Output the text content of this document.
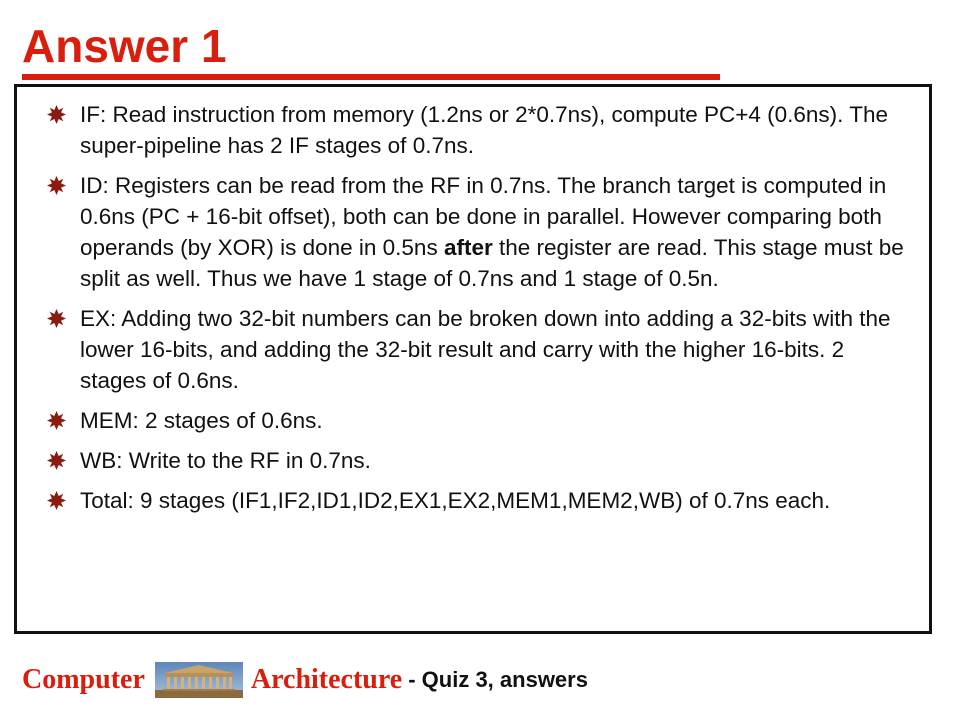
Answer 1
IF: Read instruction from memory (1.2ns or 2*0.7ns), compute PC+4 (0.6ns). The super-pipeline has 2 IF stages of 0.7ns.
ID: Registers can be read from the RF in 0.7ns. The branch target is computed in 0.6ns (PC + 16-bit offset), both can be done in parallel. However comparing both operands (by XOR) is done in 0.5ns after the register are read. This stage must be split as well. Thus we have 1 stage of 0.7ns and 1 stage of 0.5n.
EX: Adding two 32-bit numbers can be broken down into adding a 32-bits with the lower 16-bits, and adding the 32-bit result and carry with the higher 16-bits. 2 stages of 0.6ns.
MEM: 2 stages of 0.6ns.
WB: Write to the RF in 0.7ns.
Total: 9 stages (IF1,IF2,ID1,ID2,EX1,EX2,MEM1,MEM2,WB) of 0.7ns each.
Computer	Architecture - Quiz 3, answers
